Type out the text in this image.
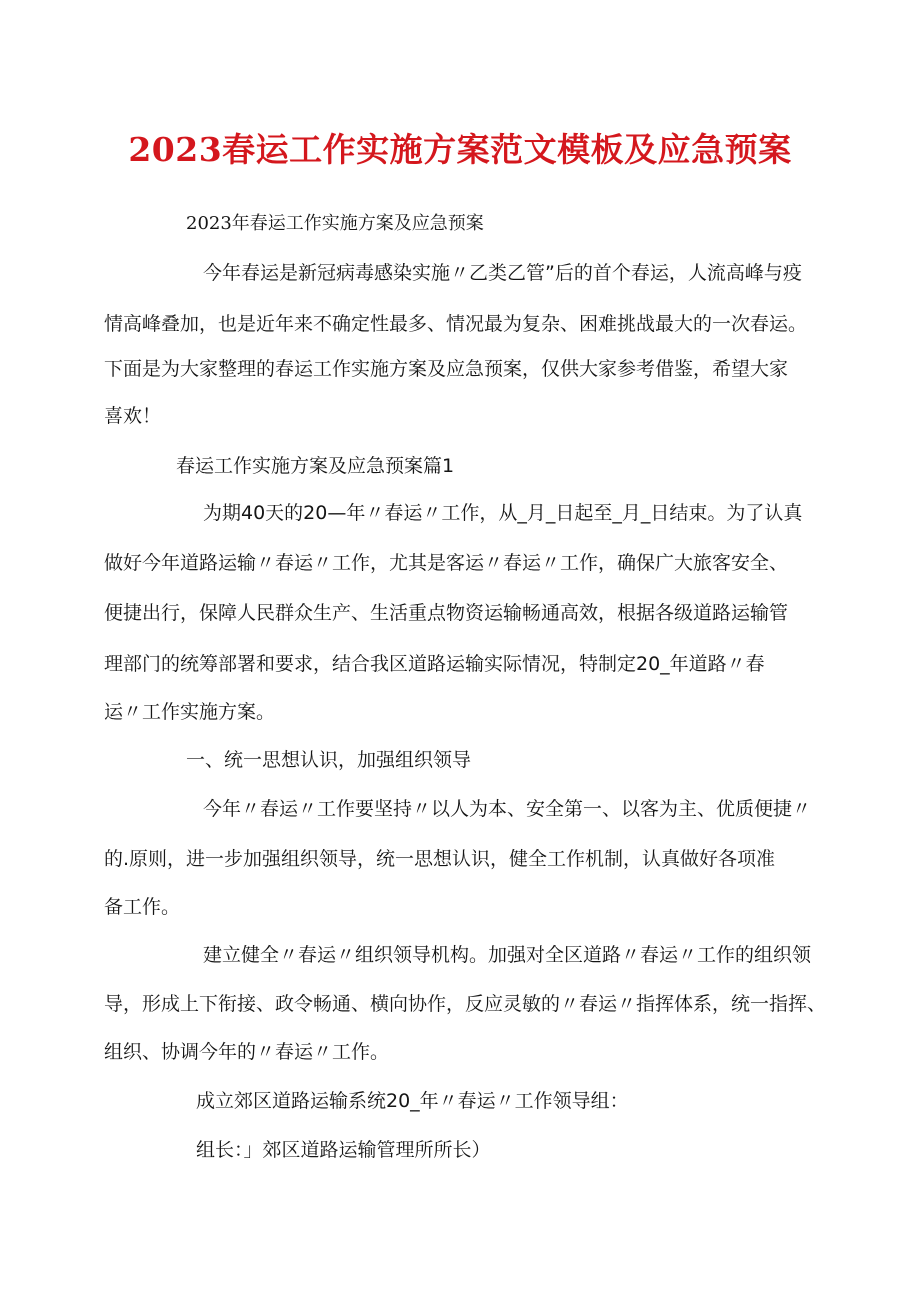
2023春运工作实施方案范文模板及应急预案
2023年春运工作实施方案及应急预案
今年春运是新冠病毒感染实施〃乙类乙管”后的首个春运，人流高峰与疫
情高峰叠加，也是近年来不确定性最多、情况最为复杂、困难挑战最大的一次春运。
下面是为大家整理的春运工作实施方案及应急预案，仅供大家参考借鉴，希望大家
喜欢！
春运工作实施方案及应急预案篇1
为期40天的20—年〃春运〃工作，从_月_日起至_月_日结束。为了认真
做好今年道路运输〃春运〃工作，尤其是客运〃春运〃工作，确保广大旅客安全、
便捷出行，保障人民群众生产、生活重点物资运输畅通高效，根据各级道路运输管
理部门的统筹部署和要求，结合我区道路运输实际情况，特制定20_年道路〃春
运〃工作实施方案。
一、统一思想认识，加强组织领导
今年〃春运〃工作要坚持〃以人为本、安全第一、以客为主、优质便捷〃
的.原则，进一步加强组织领导，统一思想认识，健全工作机制，认真做好各项准
备工作。
建立健全〃春运〃组织领导机构。加强对全区道路〃春运〃工作的组织领
导，形成上下衔接、政令畅通、横向协作，反应灵敏的〃春运〃指挥体系，统一指挥、
组织、协调今年的〃春运〃工作。
成立郊区道路运输系统20_年〃春运〃工作领导组：
组长：」郊区道路运输管理所所长）
